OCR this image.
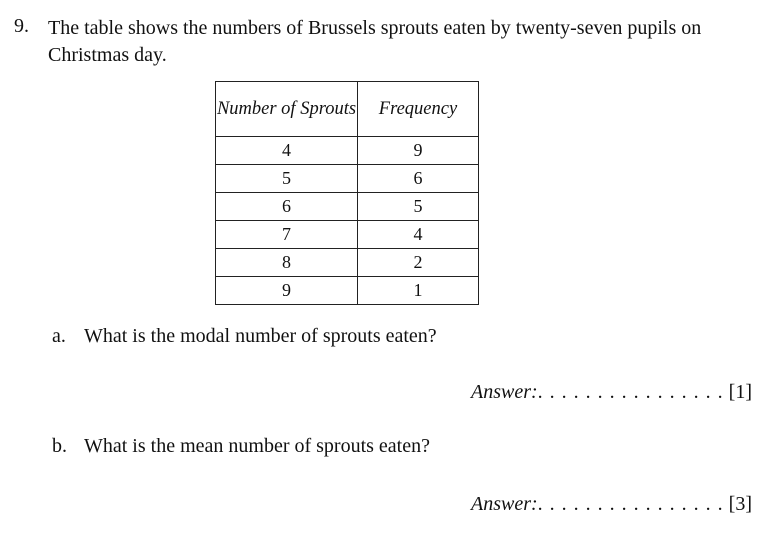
9. The table shows the numbers of Brussels sprouts eaten by twenty-seven pupils on Christmas day.
Number of Sprouts	Frequency
4	9
5	6
6	5
7	4
8	2
9	1
a. What is the modal number of sprouts eaten?
Answer:. . . . . . . . . . . . . . . . [1]
b. What is the mean number of sprouts eaten?
Answer:. . . . . . . . . . . . . . . . [3]
